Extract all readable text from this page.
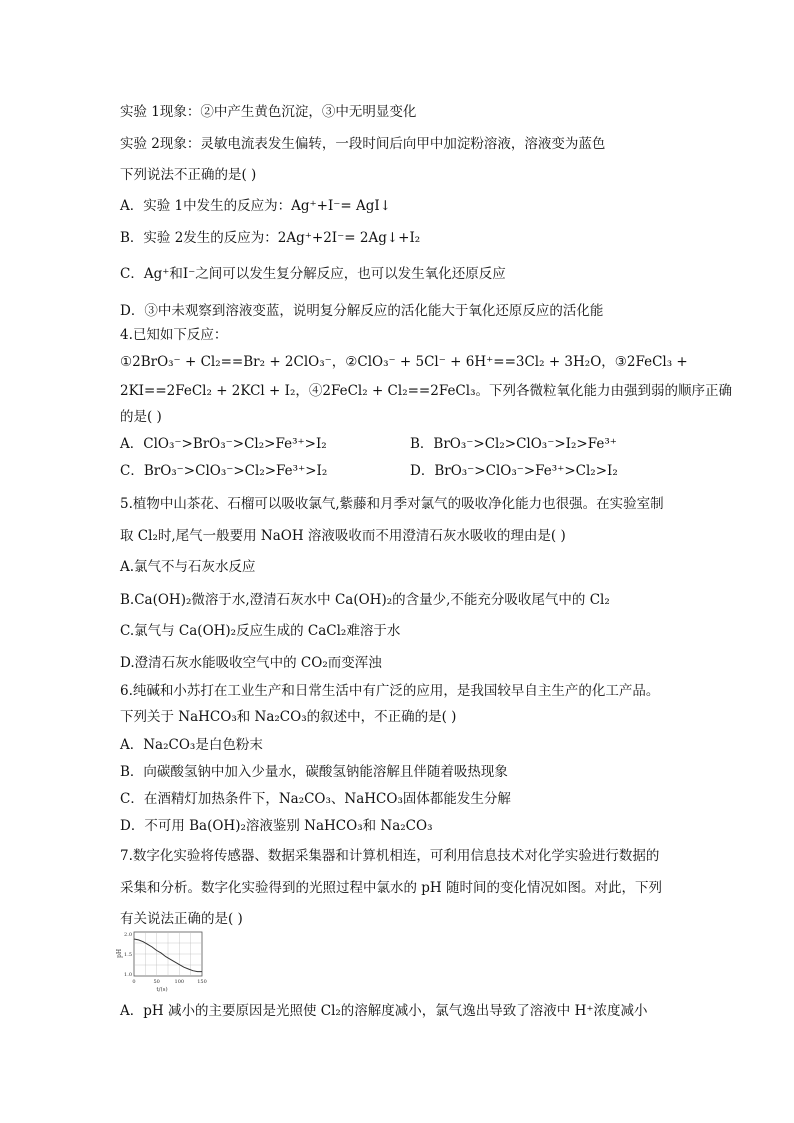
实验 1现象：②中产生黄色沉淀，③中无明显变化
实验 2现象：灵敏电流表发生偏转，一段时间后向甲中加淀粉溶液，溶液变为蓝色
下列说法不正确的是( )
A．实验 1中发生的反应为：Ag⁺+I⁻= AgI↓
B．实验 2发生的反应为：2Ag⁺+2I⁻= 2Ag↓+I₂
C．Ag⁺和I⁻之间可以发生复分解反应，也可以发生氧化还原反应
D．③中未观察到溶液变蓝，说明复分解反应的活化能大于氧化还原反应的活化能
4.已知如下反应：
①2BrO₃⁻ + Cl₂==Br₂ + 2ClO₃⁻，②ClO₃⁻ + 5Cl⁻ + 6H⁺==3Cl₂ + 3H₂O，③2FeCl₃ +
2KI==2FeCl₂ + 2KCl + I₂，④2FeCl₂ + Cl₂==2FeCl₃。下列各微粒氧化能力由强到弱的顺序正确
的是( )
A．ClO₃⁻>BrO₃⁻>Cl₂>Fe³⁺>I₂	B．BrO₃⁻>Cl₂>ClO₃⁻>I₂>Fe³⁺
C．BrO₃⁻>ClO₃⁻>Cl₂>Fe³⁺>I₂	D．BrO₃⁻>ClO₃⁻>Fe³⁺>Cl₂>I₂
5.植物中山茶花、石榴可以吸收氯气,紫藤和月季对氯气的吸收净化能力也很强。在实验室制
取 Cl₂时,尾气一般要用 NaOH 溶液吸收而不用澄清石灰水吸收的理由是( )
A.氯气不与石灰水反应
B.Ca(OH)₂微溶于水,澄清石灰水中 Ca(OH)₂的含量少,不能充分吸收尾气中的 Cl₂
C.氯气与 Ca(OH)₂反应生成的 CaCl₂难溶于水
D.澄清石灰水能吸收空气中的 CO₂而变浑浊
6.纯碱和小苏打在工业生产和日常生活中有广泛的应用，是我国较早自主生产的化工产品。
下列关于 NaHCO₃和 Na₂CO₃的叙述中，不正确的是( )
A．Na₂CO₃是白色粉末
B．向碳酸氢钠中加入少量水，碳酸氢钠能溶解且伴随着吸热现象
C．在酒精灯加热条件下，Na₂CO₃、NaHCO₃固体都能发生分解
D．不可用 Ba(OH)₂溶液鉴别 NaHCO₃和 Na₂CO₃
7.数字化实验将传感器、数据采集器和计算机相连，可利用信息技术对化学实验进行数据的
采集和分析。数字化实验得到的光照过程中氯水的 pH 随时间的变化情况如图。对此，下列
有关说法正确的是( )
2.0
1.5
1.0
0	50	100	150
pH
t/(s)
A．pH 减小的主要原因是光照使 Cl₂的溶解度减小，氯气逸出导致了溶液中 H⁺浓度减小
